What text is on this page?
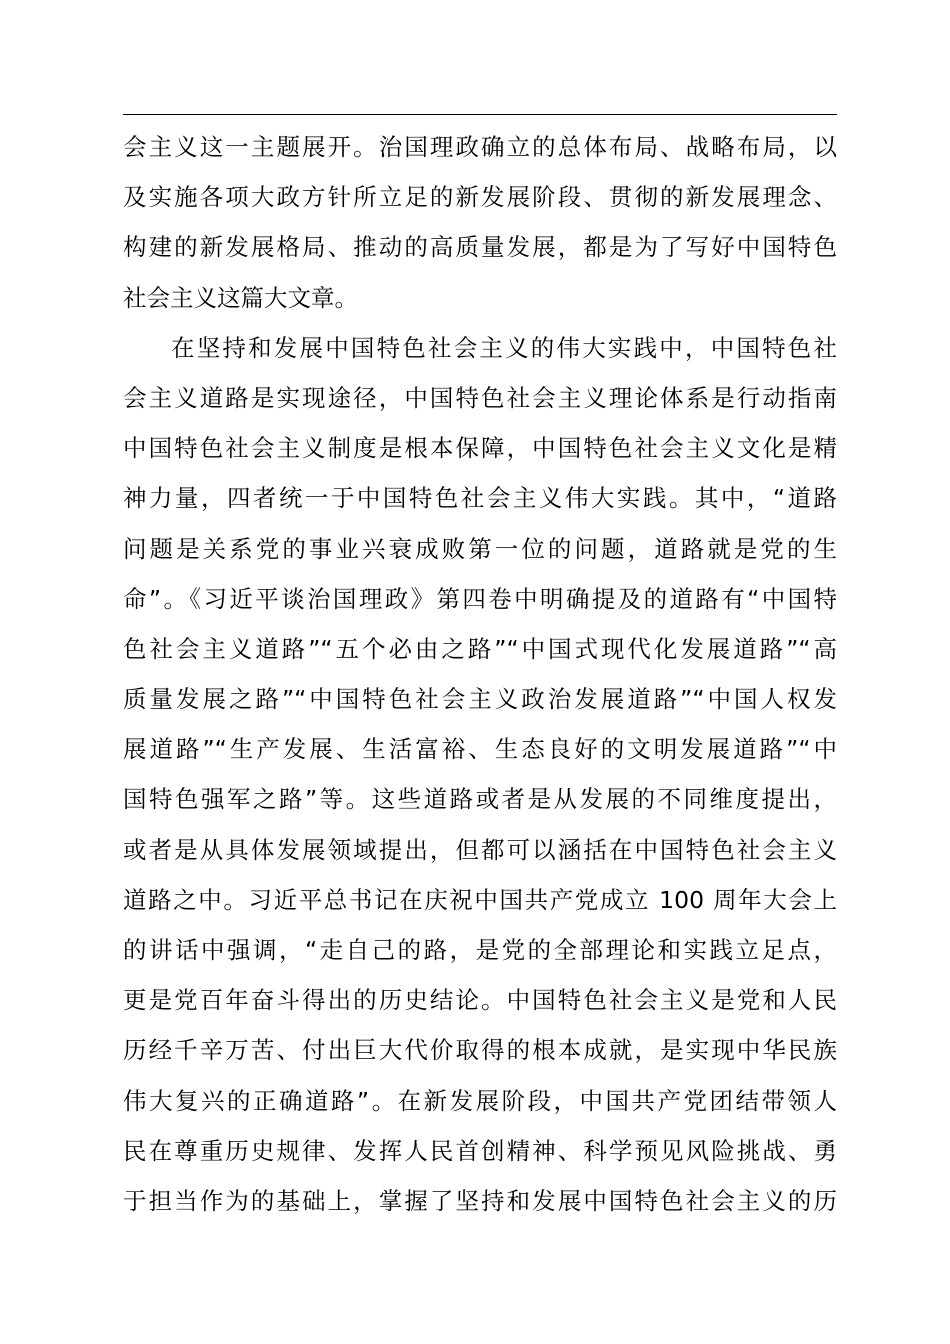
会主义这一主题展开。治国理政确立的总体布局、战略布局，以
及实施各项大政方针所立足的新发展阶段、贯彻的新发展理念、
构建的新发展格局、推动的高质量发展，都是为了写好中国特色
社会主义这篇大文章。
在坚持和发展中国特色社会主义的伟大实践中，中国特色社
会主义道路是实现途径，中国特色社会主义理论体系是行动指南
中国特色社会主义制度是根本保障，中国特色社会主义文化是精
神力量，四者统一于中国特色社会主义伟大实践。其中，“道路
问题是关系党的事业兴衰成败第一位的问题，道路就是党的生
命”。《习近平谈治国理政》第四卷中明确提及的道路有“中国特
色社会主义道路”“五个必由之路”“中国式现代化发展道路”“高
质量发展之路”“中国特色社会主义政治发展道路”“中国人权发
展道路”“生产发展、生活富裕、生态良好的文明发展道路”“中
国特色强军之路”等。这些道路或者是从发展的不同维度提出，
或者是从具体发展领域提出，但都可以涵括在中国特色社会主义
道路之中。习近平总书记在庆祝中国共产党成立 100 周年大会上
的讲话中强调，“走自己的路，是党的全部理论和实践立足点，
更是党百年奋斗得出的历史结论。中国特色社会主义是党和人民
历经千辛万苦、付出巨大代价取得的根本成就，是实现中华民族
伟大复兴的正确道路”。在新发展阶段，中国共产党团结带领人
民在尊重历史规律、发挥人民首创精神、科学预见风险挑战、勇
于担当作为的基础上，掌握了坚持和发展中国特色社会主义的历
